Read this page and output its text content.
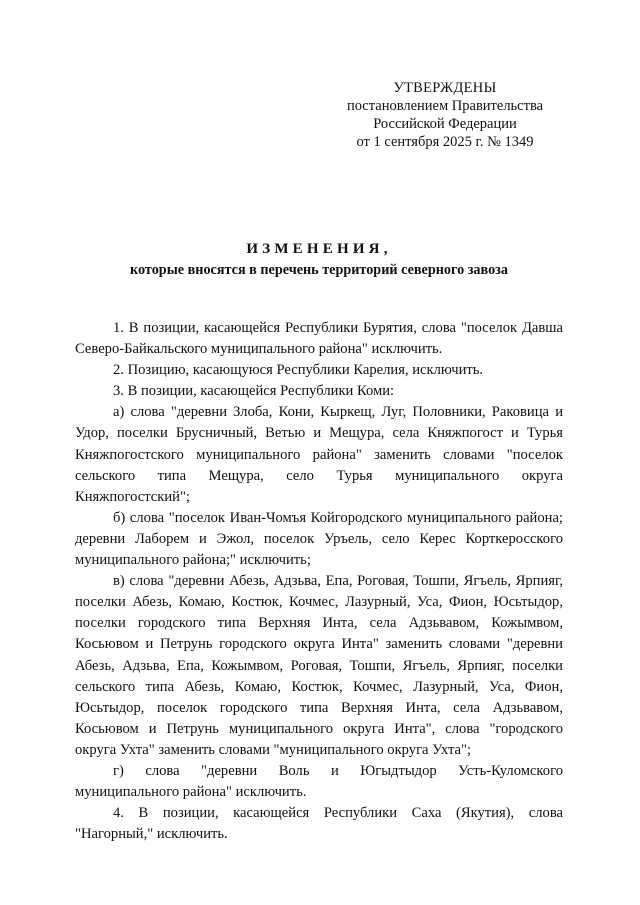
УТВЕРЖДЕНЫ
постановлением Правительства
Российской Федерации
от 1 сентября 2025 г. № 1349
ИЗМЕНЕНИЯ,
которые вносятся в перечень территорий северного завоза

1. В позиции, касающейся Республики Бурятия, слова "поселок Давша Северо-Байкальского муниципального района" исключить.

2. Позицию, касающуюся Республики Карелия, исключить.

3. В позиции, касающейся Республики Коми:

а) слова "деревни Злоба, Кони, Кыркещ, Луг, Половники, Раковица и Удор, поселки Брусничный, Ветью и Мещура, села Княжпогост и Турья Княжпогостского муниципального района" заменить словами "поселок сельского типа Мещура, село Турья муниципального округа Княжпогостский";

б) слова "поселок Иван-Чомъя Койгородского муниципального района; деревни Лаборем и Эжол, поселок Уръель, село Керес Корткеросского муниципального района;" исключить;

в) слова "деревни Абезь, Адзьва, Епа, Роговая, Тошпи, Ягъель, Ярпияг, поселки Абезь, Комаю, Костюк, Кочмес, Лазурный, Уса, Фион, Юсьтыдор, поселки городского типа Верхняя Инта, села Адзьвавом, Кожымвом, Косьювом и Петрунь городского округа Инта" заменить словами "деревни Абезь, Адзьва, Епа, Кожымвом, Роговая, Тошпи, Ягъель, Ярпияг, поселки сельского типа Абезь, Комаю, Костюк, Кочмес, Лазурный, Уса, Фион, Юсьтыдор, поселок городского типа Верхняя Инта, села Адзьвавом, Косьювом и Петрунь муниципального округа Инта", слова "городского округа Ухта" заменить словами "муниципального округа Ухта";

г) слова "деревни Воль и Югыдтыдор Усть-Куломского муниципального района" исключить.

4. В позиции, касающейся Республики Саха (Якутия), слова "Нагорный," исключить.
